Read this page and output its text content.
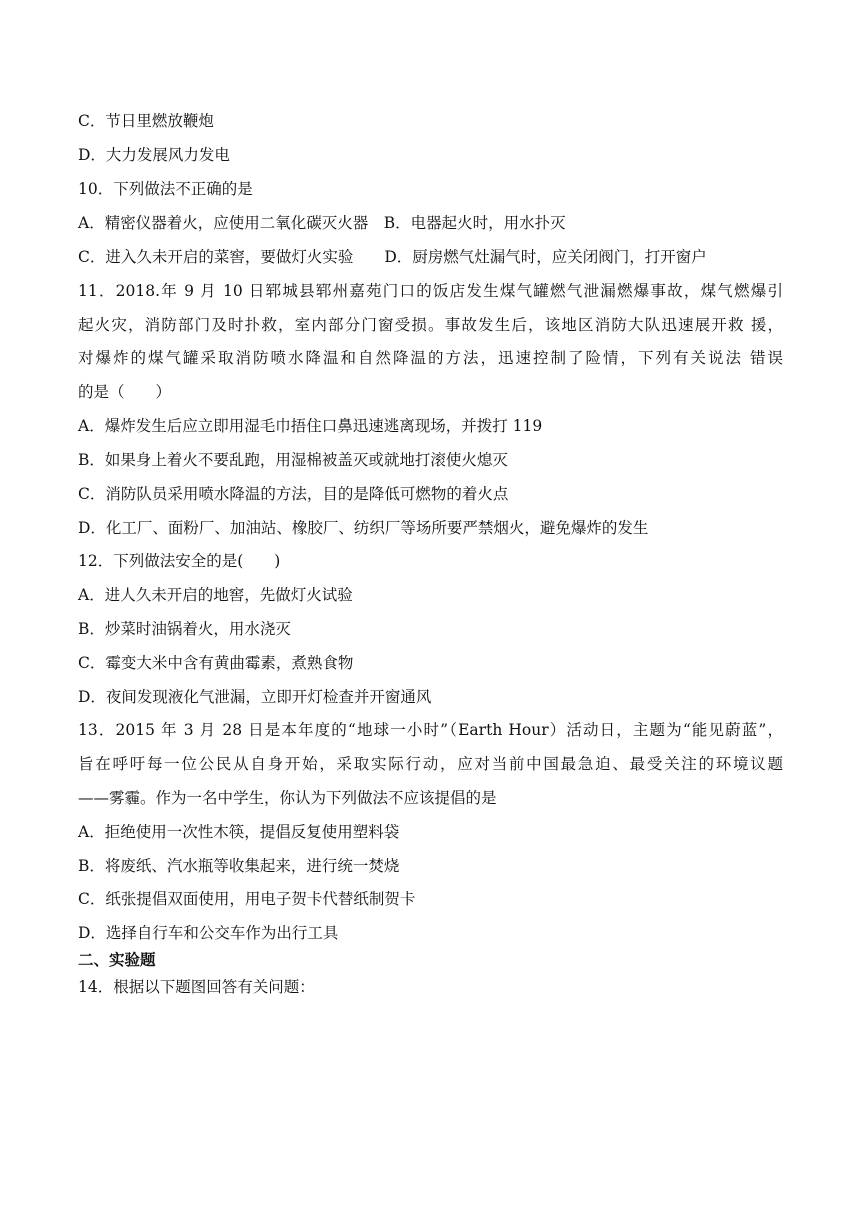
C．节日里燃放鞭炮
D．大力发展风力发电
10．下列做法不正确的是
A．精密仪器着火，应使用二氧化碳灭火器　B．电器起火时，用水扑灭
C．进入久未开启的菜窖，要做灯火实验　　D．厨房燃气灶漏气时，应关闭阀门，打开窗户
11．2018.年 9 月 10 日郓城县郓州嘉苑门口的饭店发生煤气罐燃气泄漏燃爆事故，煤气燃爆引
起火灾，消防部门及时扑救，室内部分门窗受损。事故发生后，该地区消防大队迅速展开救 援，
对爆炸的煤气罐采取消防喷水降温和自然降温的方法，迅速控制了险情，下列有关说法 错误
的是（　　）
A．爆炸发生后应立即用湿毛巾捂住口鼻迅速逃离现场，并拨打 119
B．如果身上着火不要乱跑，用湿棉被盖灭或就地打滚使火熄灭
C．消防队员采用喷水降温的方法，目的是降低可燃物的着火点
D．化工厂、面粉厂、加油站、橡胶厂、纺织厂等场所要严禁烟火，避免爆炸的发生
12．下列做法安全的是(　　)
A．进人久未开启的地窖，先做灯火试验
B．炒菜时油锅着火，用水浇灭
C．霉变大米中含有黄曲霉素，煮熟食物
D．夜间发现液化气泄漏，立即开灯检查并开窗通风
13．2015 年 3 月 28 日是本年度的“地球一小时”（Earth Hour）活动日，主题为“能见蔚蓝”，
旨在呼吁每一位公民从自身开始，采取实际行动，应对当前中国最急迫、最受关注的环境议题
——雾霾。作为一名中学生，你认为下列做法不应该提倡的是
A．拒绝使用一次性木筷，提倡反复使用塑料袋
B．将废纸、汽水瓶等收集起来，进行统一焚烧
C．纸张提倡双面使用，用电子贺卡代替纸制贺卡
D．选择自行车和公交车作为出行工具
二、实验题
14．根据以下题图回答有关问题：
